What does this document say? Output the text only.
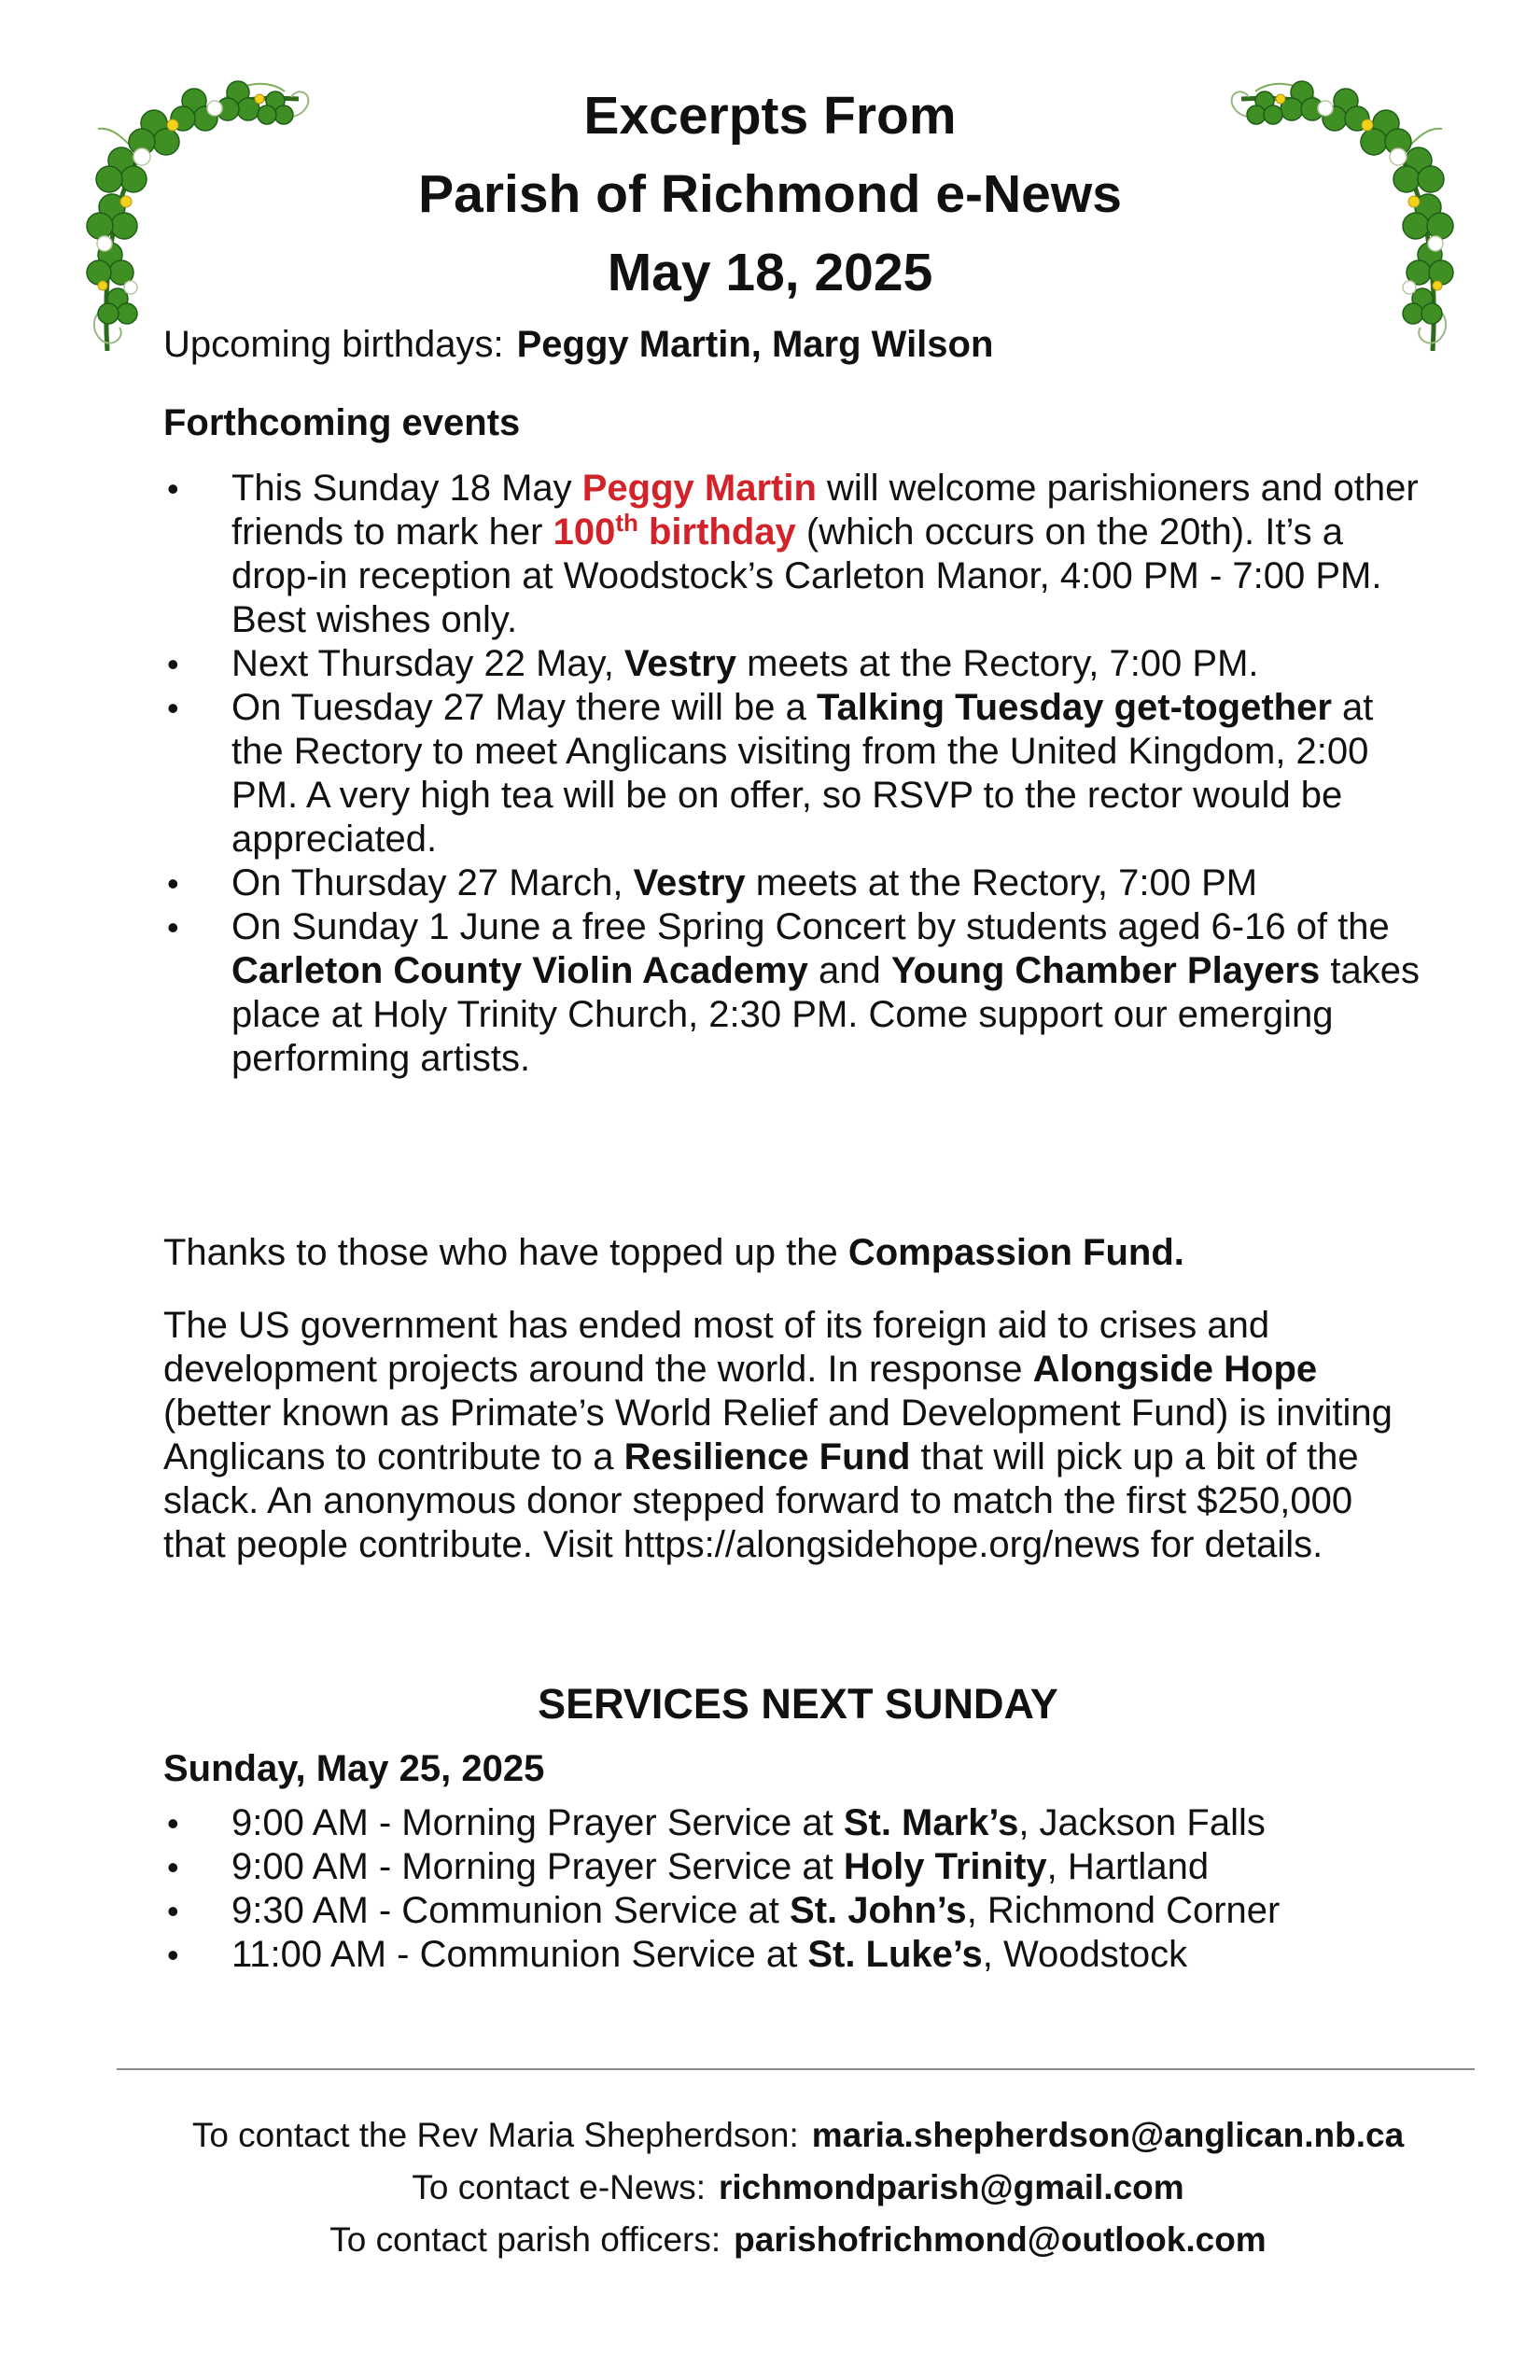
Excerpts From
Parish of Richmond e-News
May 18, 2025
Upcoming birthdays: Peggy Martin, Marg Wilson
Forthcoming events
• This Sunday 18 May Peggy Martin will welcome parishioners and other friends to mark her 100th birthday (which occurs on the 20th). It’s a drop-in reception at Woodstock’s Carleton Manor, 4:00 PM - 7:00 PM. Best wishes only.
• Next Thursday 22 May, Vestry meets at the Rectory, 7:00 PM.
• On Tuesday 27 May there will be a Talking Tuesday get-together at the Rectory to meet Anglicans visiting from the United Kingdom, 2:00 PM. A very high tea will be on offer, so RSVP to the rector would be appreciated.
• On Thursday 27 March, Vestry meets at the Rectory, 7:00 PM
• On Sunday 1 June a free Spring Concert by students aged 6-16 of the Carleton County Violin Academy and Young Chamber Players takes place at Holy Trinity Church, 2:30 PM. Come support our emerging performing artists.
Thanks to those who have topped up the Compassion Fund.
The US government has ended most of its foreign aid to crises and development projects around the world. In response Alongside Hope (better known as Primate’s World Relief and Development Fund) is inviting Anglicans to contribute to a Resilience Fund that will pick up a bit of the slack. An anonymous donor stepped forward to match the first $250,000 that people contribute. Visit https://alongsidehope.org/news for details.
SERVICES NEXT SUNDAY
Sunday, May 25, 2025
• 9:00 AM - Morning Prayer Service at St. Mark’s, Jackson Falls
• 9:00 AM - Morning Prayer Service at Holy Trinity, Hartland
• 9:30 AM - Communion Service at St. John’s, Richmond Corner
• 11:00 AM - Communion Service at St. Luke’s, Woodstock
To contact the Rev Maria Shepherdson: maria.shepherdson@anglican.nb.ca
To contact e-News: richmondparish@gmail.com
To contact parish officers: parishofrichmond@outlook.com
